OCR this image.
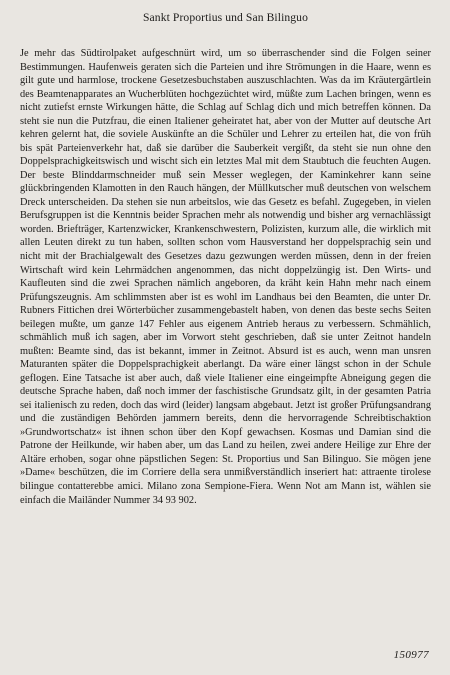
Sankt Proportius und San Bilinguo

Je mehr das Südtirolpaket aufgeschnürt wird, um so überraschender sind die Folgen seiner Bestimmungen. Haufenweis geraten sich die Parteien und ihre Strömungen in die Haare, wenn es gilt gute und harmlose, trockene Gesetzesbuchstaben auszuschlachten. Was da im Kräutergärtlein des Beamtenapparates an Wucherblüten hochgezüchtet wird, müßte zum Lachen bringen, wenn es nicht zutiefst ernste Wirkungen hätte, die Schlag auf Schlag dich und mich betreffen können. Da steht sie nun die Putzfrau, die einen Italiener geheiratet hat, aber von der Mutter auf deutsche Art kehren gelernt hat, die soviele Auskünfte an die Schüler und Lehrer zu erteilen hat, die von früh bis spät Parteienverkehr hat, daß sie darüber die Sauberkeit vergißt, da steht sie nun ohne den Doppelsprachigkeitswisch und wischt sich ein letztes Mal mit dem Staubtuch die feuchten Augen. Der beste Blinddarmschneider muß sein Messer weglegen, der Kaminkehrer kann seine glückbringenden Klamotten in den Rauch hängen, der Müllkutscher muß deutschen von welschem Dreck unterscheiden. Da stehen sie nun arbeitslos, wie das Gesetz es befahl. Zugegeben, in vielen Berufsgruppen ist die Kenntnis beider Sprachen mehr als notwendig und bisher arg vernachlässigt worden. Briefträger, Kartenzwicker, Krankenschwestern, Polizisten, kurzum alle, die wirklich mit allen Leuten direkt zu tun haben, sollten schon vom Hausverstand her doppelsprachig sein und nicht mit der Brachialgewalt des Gesetzes dazu gezwungen werden müssen, denn in der freien Wirtschaft wird kein Lehrmädchen angenommen, das nicht doppelzüngig ist. Den Wirts- und Kaufleuten sind die zwei Sprachen nämlich angeboren, da kräht kein Hahn mehr nach einem Prüfungszeugnis. Am schlimmsten aber ist es wohl im Landhaus bei den Beamten, die unter Dr. Rubners Fittichen drei Wörterbücher zusammengebastelt haben, von denen das beste sechs Seiten beilegen mußte, um ganze 147 Fehler aus eigenem Antrieb heraus zu verbessern. Schmählich, schmählich muß ich sagen, aber im Vorwort steht geschrieben, daß sie unter Zeitnot handeln mußten: Beamte sind, das ist bekannt, immer in Zeitnot. Absurd ist es auch, wenn man unsren Maturanten später die Doppelsprachigkeit aberlangt. Da wäre einer längst schon in der Schule geflogen. Eine Tatsache ist aber auch, daß viele Italiener eine eingeimpfte Abneigung gegen die deutsche Sprache haben, daß noch immer der faschistische Grundsatz gilt, in der gesamten Patria sei italienisch zu reden, doch das wird (leider) langsam abgebaut. Jetzt ist großer Prüfungsandrang und die zuständigen Behörden jammern bereits, denn die hervorragende Schreibtischaktion »Grundwortschatz« ist ihnen schon über den Kopf gewachsen. Kosmas und Damian sind die Patrone der Heilkunde, wir haben aber, um das Land zu heilen, zwei andere Heilige zur Ehre der Altäre erhoben, sogar ohne päpstlichen Segen: St. Proportius und San Bilinguo. Sie mögen jene »Dame« beschützen, die im Corriere della sera unmißverständlich inseriert hat: attraente tirolese bilingue contatterebbe amici. Milano zona Sempione-Fiera. Wenn Not am Mann ist, wählen sie einfach die Mailänder Nummer 34 93 902.

150977
